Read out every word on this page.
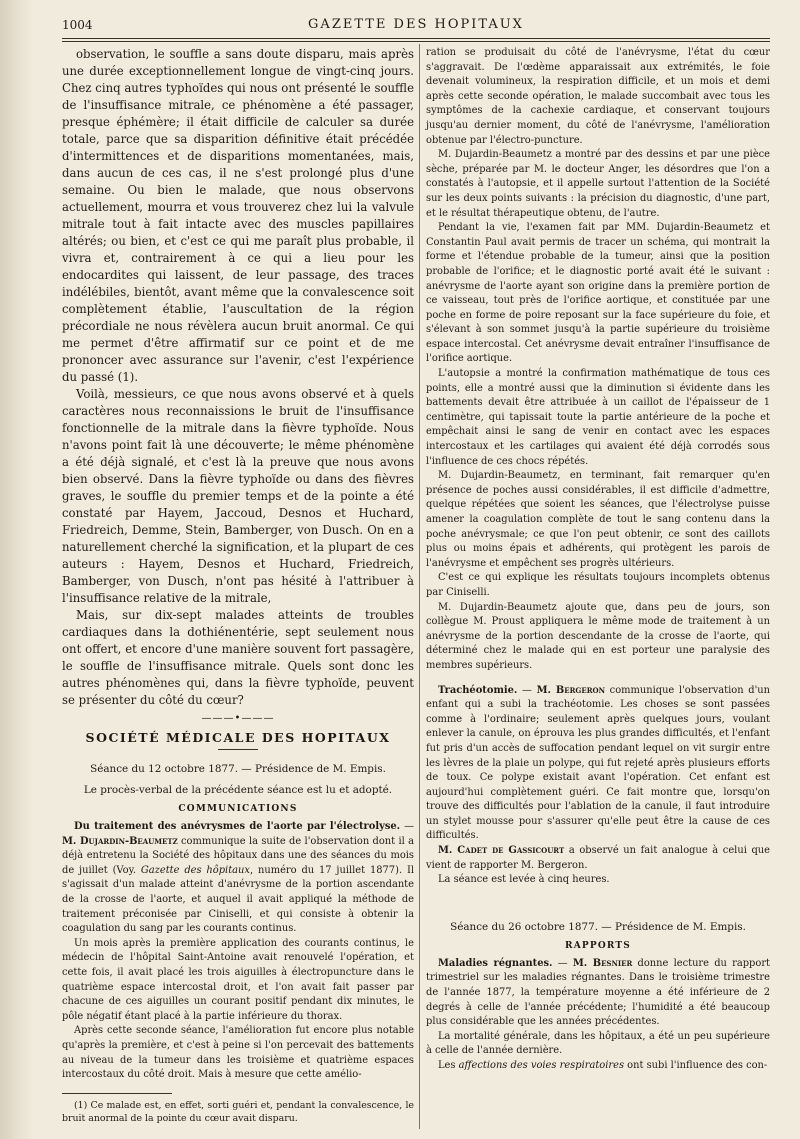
1004	GAZETTE DES HOPITAUX

observation, le souffle a sans doute disparu, mais après une durée exceptionnellement longue de vingt-cinq jours. Chez cinq autres typhoïdes qui nous ont présenté le souffle de l'insuffisance mitrale, ce phénomène a été passager, presque éphémère; il était difficile de calculer sa durée totale, parce que sa disparition définitive était précédée d'intermittences et de disparitions momentanées, mais, dans aucun de ces cas, il ne s'est prolongé plus d'une semaine. Ou bien le malade, que nous observons actuellement, mourra et vous trouverez chez lui la valvule mitrale tout à fait intacte avec des muscles papillaires altérés; ou bien, et c'est ce qui me paraît plus probable, il vivra et, contrairement à ce qui a lieu pour les endocardites qui laissent, de leur passage, des traces indélébiles, bientôt, avant même que la convalescence soit complètement établie, l'auscultation de la région précordiale ne nous révèlera aucun bruit anormal. Ce qui me permet d'être affirmatif sur ce point et de me prononcer avec assurance sur l'avenir, c'est l'expérience du passé (1).

Voilà, messieurs, ce que nous avons observé et à quels caractères nous reconnaissions le bruit de l'insuffisance fonctionnelle de la mitrale dans la fièvre typhoïde. Nous n'avons point fait là une découverte; le même phénomène a été déjà signalé, et c'est là la preuve que nous avons bien observé. Dans la fièvre typhoïde ou dans des fièvres graves, le souffle du premier temps et de la pointe a été constaté par Hayem, Jaccoud, Desnos et Huchard, Friedreich, Demme, Stein, Bamberger, von Dusch. On en a naturellement cherché la signification, et la plupart de ces auteurs : Hayem, Desnos et Huchard, Friedreich, Bamberger, von Dusch, n'ont pas hésité à l'attribuer à l'insuffisance relative de la mitrale,

Mais, sur dix-sept malades atteints de troubles cardiaques dans la dothiénentérie, sept seulement nous ont offert, et encore d'une manière souvent fort passagère, le souffle de l'insuffisance mitrale. Quels sont donc les autres phénomènes qui, dans la fièvre typhoïde, peuvent se présenter du côté du cœur?

———•———
SOCIÉTÉ MÉDICALE DES HOPITAUX
Séance du 12 octobre 1877. — Présidence de M. Empis.
Le procès-verbal de la précédente séance est lu et adopté.
COMMUNICATIONS

Du traitement des anévrysmes de l'aorte par l'électrolyse. — M. Dujardin-Beaumetz communique la suite de l'observation dont il a déjà entretenu la Société des hôpitaux dans une des séances du mois de juillet (Voy. Gazette des hôpitaux, numéro du 17 juillet 1877). Il s'agissait d'un malade atteint d'anévrysme de la portion ascendante de la crosse de l'aorte, et auquel il avait appliqué la méthode de traitement préconisée par Ciniselli, et qui consiste à obtenir la coagulation du sang par les courants continus.

Un mois après la première application des courants continus, le médecin de l'hôpital Saint-Antoine avait renouvelé l'opération, et cette fois, il avait placé les trois aiguilles à électropuncture dans le quatrième espace intercostal droit, et l'on avait fait passer par chacune de ces aiguilles un courant positif pendant dix minutes, le pôle négatif étant placé à la partie inférieure du thorax.

Après cette seconde séance, l'amélioration fut encore plus notable qu'après la première, et c'est à peine si l'on percevait des battements au niveau de la tumeur dans les troisième et quatrième espaces intercostaux du côté droit. Mais à mesure que cette amélio-

(1) Ce malade est, en effet, sorti guéri et, pendant la convalescence, le bruit anormal de la pointe du cœur avait disparu.

ration se produisait du côté de l'anévrysme, l'état du cœur s'aggravait. De l'œdème apparaissait aux extrémités, le foie devenait volumineux, la respiration difficile, et un mois et demi après cette seconde opération, le malade succombait avec tous les symptômes de la cachexie cardiaque, et conservant toujours jusqu'au dernier moment, du côté de l'anévrysme, l'amélioration obtenue par l'électro-puncture.

M. Dujardin-Beaumetz a montré par des dessins et par une pièce sèche, préparée par M. le docteur Anger, les désordres que l'on a constatés à l'autopsie, et il appelle surtout l'attention de la Société sur les deux points suivants : la précision du diagnostic, d'une part, et le résultat thérapeutique obtenu, de l'autre.

Pendant la vie, l'examen fait par MM. Dujardin-Beaumetz et Constantin Paul avait permis de tracer un schéma, qui montrait la forme et l'étendue probable de la tumeur, ainsi que la position probable de l'orifice; et le diagnostic porté avait été le suivant : anévrysme de l'aorte ayant son origine dans la première portion de ce vaisseau, tout près de l'orifice aortique, et constituée par une poche en forme de poire reposant sur la face supérieure du foie, et s'élevant à son sommet jusqu'à la partie supérieure du troisième espace intercostal. Cet anévrysme devait entraîner l'insuffisance de l'orifice aortique.

L'autopsie a montré la confirmation mathématique de tous ces points, elle a montré aussi que la diminution si évidente dans les battements devait être attribuée à un caillot de l'épaisseur de 1 centimètre, qui tapissait toute la partie antérieure de la poche et empêchait ainsi le sang de venir en contact avec les espaces intercostaux et les cartilages qui avaient été déjà corrodés sous l'influence de ces chocs répétés.

M. Dujardin-Beaumetz, en terminant, fait remarquer qu'en présence de poches aussi considérables, il est difficile d'admettre, quelque répétées que soient les séances, que l'électrolyse puisse amener la coagulation complète de tout le sang contenu dans la poche anévrysmale; ce que l'on peut obtenir, ce sont des caillots plus ou moins épais et adhérents, qui protègent les parois de l'anévrysme et empêchent ses progrès ultérieurs.

C'est ce qui explique les résultats toujours incomplets obtenus par Ciniselli.

M. Dujardin-Beaumetz ajoute que, dans peu de jours, son collègue M. Proust appliquera le même mode de traitement à un anévrysme de la portion descendante de la crosse de l'aorte, qui déterminé chez le malade qui en est porteur une paralysie des membres supérieurs.

Trachéotomie. — M. Bergeron communique l'observation d'un enfant qui a subi la trachéotomie. Les choses se sont passées comme à l'ordinaire; seulement après quelques jours, voulant enlever la canule, on éprouva les plus grandes difficultés, et l'enfant fut pris d'un accès de suffocation pendant lequel on vit surgir entre les lèvres de la plaie un polype, qui fut rejeté après plusieurs efforts de toux. Ce polype existait avant l'opération. Cet enfant est aujourd'hui complètement guéri. Ce fait montre que, lorsqu'on trouve des difficultés pour l'ablation de la canule, il faut introduire un stylet mousse pour s'assurer qu'elle peut être la cause de ces difficultés.

M. Cadet de Gassicourt a observé un fait analogue à celui que vient de rapporter M. Bergeron.

La séance est levée à cinq heures.

Séance du 26 octobre 1877. — Présidence de M. Empis.
RAPPORTS

Maladies régnantes. — M. Besnier donne lecture du rapport trimestriel sur les maladies régnantes. Dans le troisième trimestre de l'année 1877, la température moyenne a été inférieure de 2 degrés à celle de l'année précédente; l'humidité a été beaucoup plus considérable que les années précédentes.

La mortalité générale, dans les hôpitaux, a été un peu supérieure à celle de l'année dernière.

Les affections des voies respiratoires ont subi l'influence des con-
